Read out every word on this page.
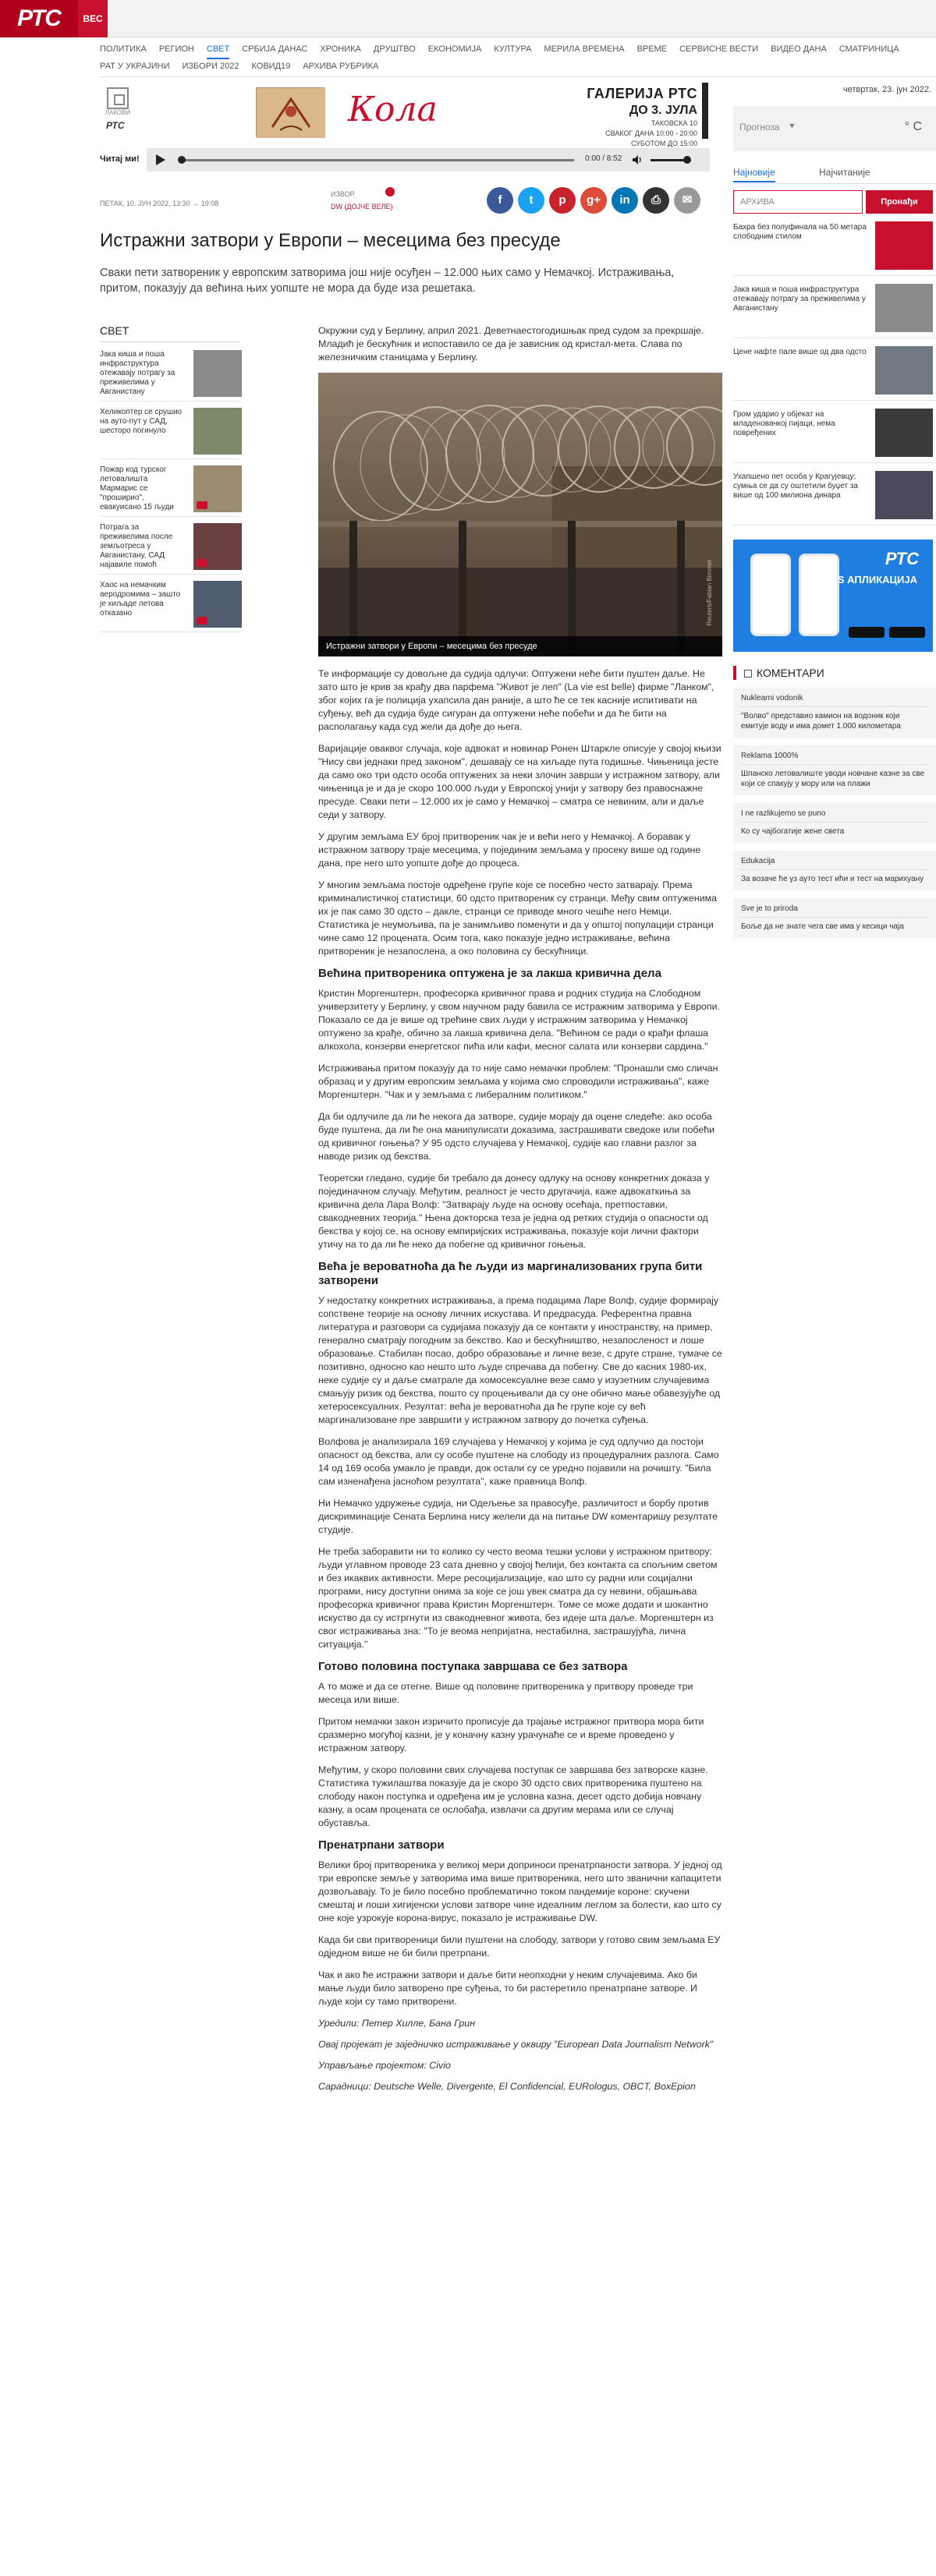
РТС	ВЕС
ПОЛИТИКА РЕГИОН СВЕТ СРБИЈА ДАНАС ХРОНИКА ДРУШТВО ЕКОНОМИЈА КУЛТУРА МЕРИЛА ВРЕМЕНА ВРЕМЕ СЕРВИСНЕ ВЕСТИ ВИДЕО ДАНА СМАТРИНИЦА
РАТ У УКРАЈИНИ ИЗБОРИ 2022 КОВИД19 АРХИВА РУБРИКА
ЛАКОВИ
РТС	Кола	ГАЛЕРИЈА РТС
ДО 3. ЈУЛА
ТАКОВСКА 10
СВАКОГ ДАНА 10:00 - 20:00
СУБОТОМ ДО 15:00
Читај ми!	0:00 / 8:52
ПЕТАК, 10. ЈУН 2022, 13:30 → 19:08
ИЗВОР
DW (ДОЈЧЕ ВЕЛЕ)	f	t	p	g+	in	⎙	✉
Истражни затвори у Европи – месецима без пресуде
Сваки пети затвореник у европским затворима још није осуђен – 12.000 њих само у Немачкој. Истраживања, притом, показују да већина њих уопште не мора да буде иза решетака.
СВЕТ
Јака киша и поша инфраструктура отежавају потрагу за преживелима у Авганистану
Хеликоптер се срушио на ауто-пут у САД, шесторо погинуло
Пожар код турског летовалишта Мармарис се "проширио", евакуисано 15 људи
Потрага за преживелима после земљотреса у Авганистану, САД најавиле помоћ
Хаос на немачким аеродромима – зашто је хиљаде летова отказано

Окружни суд у Берлину, април 2021. Деветнаестогодишњак пред судом за прекршаје. Младић је бескућник и испоставило се да је зависник од кристал-мета. Слава по железничким станицама у Берлину.

Reuters/Fabian Bimmer
Истражни затвори у Европи – месецима без пресуде

Те информације су довољне да судија одлучи: Оптужени неће бити пуштен даље. Не зато што је крив за крађу два парфема "Живот је леп" (La vie est belle) фирме "Ланком", због којих га је полиција ухапсила дан раније, а што ће се тек касније испитивати на суђењу, већ да судија буде сигуран да оптужени неће побећи и да ће бити на располагању када суд жели да дође до њега.

Варијације оваквог случаја, које адвокат и новинар Ронен Штаркле описује у својој књизи "Нису сви једнаки пред законом", дешавају се на хиљаде пута годишње. Чињеница јесте да само око три одсто особа оптужених за неки злочин заврши у истражном затвору, али чињеница је и да је скоро 100.000 људи у Европској унији у затвору без правоснажне пресуде. Сваки пети – 12.000 их је само у Немачкој – сматра се невиним, али и даље седи у затвору.

У другим земљама ЕУ број притвореник чак је и већи него у Немачкој. А боравак у истражном затвору траје месецима, у појединим земљама у просеку више од године дана, пре него што уопште дође до процеса.

У многим земљама постоје одређене групе које се посебно често затварају. Према криминалистичкој статистици, 60 одсто притвореник су странци. Међу свим оптуженима их је пак само 30 одсто – дакле, странци се приводе много чешће него Немци. Статистика је неумољива, па је занимљиво поменути и да у општој популацији странци чине само 12 процената. Осим тога, како показује једно истраживање, већина притвореник је незапослена, а око половина су бескућници.

Већина притвореника оптужена је за лакша кривична дела

Кристин Моргенштерн, професорка кривичног права и родних студија на Слободном универзитету у Берлину, у свом научном раду бавила се истражним затворима у Европи. Показало се да је више од трећине свих људи у истражним затворима у Немачкој оптужено за крађе, обично за лакша кривична дела. "Већином се ради о крађи флаша алкохола, конзерви енергетског пића или кафи, месног салата или конзерви сардина."

Истраживања притом показују да то није само немачки проблем: "Пронашли смо сличан образац и у другим европским земљама у којима смо спроводили истраживања", каже Моргенштерн. "Чак и у земљама с либералним политиком."

Да би одлучиле да ли ће некога да затворе, судије морају да оцене следеће: ако особа буде пуштена, да ли ће она манипулисати доказима, застрашивати сведоке или побећи од кривичног гоњења? У 95 одсто случајева у Немачкој, судије као главни разлог за наводе ризик од бекства.

Теоретски гледано, судије би требало да донесу одлуку на основу конкретних доказа у појединачном случају. Међутим, реалност је често другачија, каже адвокаткиња за кривична дела Лара Волф: "Затварају људе на основу осећаја, претпоставки, свакодневних теорија." Њена докторска теза је једна од ретких студија о опасности од бекства у којој се, на основу емпиријских истраживања, показује који лични фактори утичу на то да ли ће неко да побегне од кривичног гоњења.

Већа је вероватноћа да ће људи из маргинализованих група бити затворени

У недостатку конкретних истраживања, а према подацима Ларе Волф, судије формирају сопствене теорије на основу личних искустава. И предрасуда. Референтна правна литература и разговори са судијама показују да се контакти у иностранству, на пример, генерално сматрају погодним за бекство. Као и бескућништво, незапосленост и лоше образовање. Стабилан посао, добро образовање и личне везе, с друге стране, тумаче се позитивно, односно као нешто што људе спречава да побегну. Све до касних 1980-их, неке судије су и даље сматрале да хомосексуалне везе само у изузетним случајевима смањују ризик од бекства, пошто су процењивали да су оне обично мање обавезујуће од хетеросексуалних. Резултат: већа је вероватноћа да ће групе које су већ маргинализоване пре завршити у истражном затвору до почетка суђења.

Волфова је анализирала 169 случајева у Немачкој у којима је суд одлучио да постоји опасност од бекства, али су особе пуштене на слободу из процедуралних разлога. Само 14 од 169 особа умакло је правди, док остали су се уредно појавили на рочишту. "Била сам изненађена јасноћом резултата", каже правница Волф.

Ни Немачко удружење судија, ни Одељење за правосуђе, различитост и борбу против дискриминације Сената Берлина нису желели да на питање DW коментаришу резултате студије.

Не треба заборавити ни то колико су често веома тешки услови у истражном притвору: људи углавном проводе 23 сата дневно у својој ћелији, без контакта са спољним светом и без икаквих активности. Мере ресоцијализације, као што су радни или социјални програми, нису доступни онима за које се још увек сматра да су невини, објашњава професорка кривичног права Кристин Моргенштерн. Томе се може додати и шокантно искуство да су истргнути из свакодневног живота, без идеје шта даље. Моргенштерн из свог истраживања зна: "То је веома непријатна, нестабилна, застрашујућа, лична ситуација."

Готово половина поступака завршава се без затвора

А то може и да се отегне. Више од половине притвореника у притвору проведе три месеца или више.

Притом немачки закон изричито прописује да трајање истражног притвора мора бити сразмерно могућој казни, је у коначну казну урачунаће се и време проведено у истражном затвору.

Међутим, у скоро половини свих случајева поступак се завршава без затворске казне. Статистика тужилаштва показује да је скоро 30 одсто свих притвореника пуштено на слободу након поступка и одређена им је условна казна, десет одсто добија новчану казну, а осам процената се ослобађа, извлачи са другим мерама или се случај обуставља.

Пренатрпани затвори

Велики број притвореника у великој мери доприноси пренатрпаности затвора. У једној од три европске земље у затворима има више притвореника, него што званични капацитети дозвољавају. То је било посебно проблематично током пандемије короне: скучени смештај и лоши хигијенски услови затворе чине идеалним леглом за болести, као што су оне које узрокује корона-вирус, показало је истраживање DW.

Када би сви притвореници били пуштени на слободу, затвори у готово свим земљама ЕУ одједном више не би били претрпани.

Чак и ако ће истражни затвори и даље бити неопходни у неким случајевима. Ако би мање људи било затворено пре суђења, то би растеретило пренатрпане затворе. И људе који су тамо притворени.

Уредили: Петер Хилле, Бана Грин

Овај пројекат је заједничко истраживање у оквиру "European Data Journalism Network"

Управљање пројектом: Civio

Сарадници: Deutsche Welle, Divergente, El Confidencial, EURologus, OBCT, BoxEpion

четвртак, 23. јун 2022.
Прогноза ▼	° C
Најновије	Најчитаније
АРХИВА	Пронађи
Бахра без полуфинала на 50 метара слободним стилом
Јака киша и поша инфраструктура отежавају потрагу за преживелима у Авганистану
Цене нафте пале више од два одсто
Гром ударио у објекат на младеновачкој пијаци, нема повређених
Ухапшено пет особа у Крагујевцу; сумња се да су оштетили буџет за више од 100 милиона динара
РТС
iOS АПЛИКАЦИЈА
КОМЕНТАРИ
Nuklearni vodonik
"Волво" представио камион на водоник који емитује воду и има домет 1.000 километара
Reklama 1000%
Шпанско летовалиште уводи новчане казне за све који се спакују у мору или на плажи
I ne razlikujemo se puno
Ко су чајбогатије жене света
Edukacija
За возаче ће уз ауто тест ићи и тест на марихуану
Sve je to priroda
Боље да не знате чега све има у кесици чаја
